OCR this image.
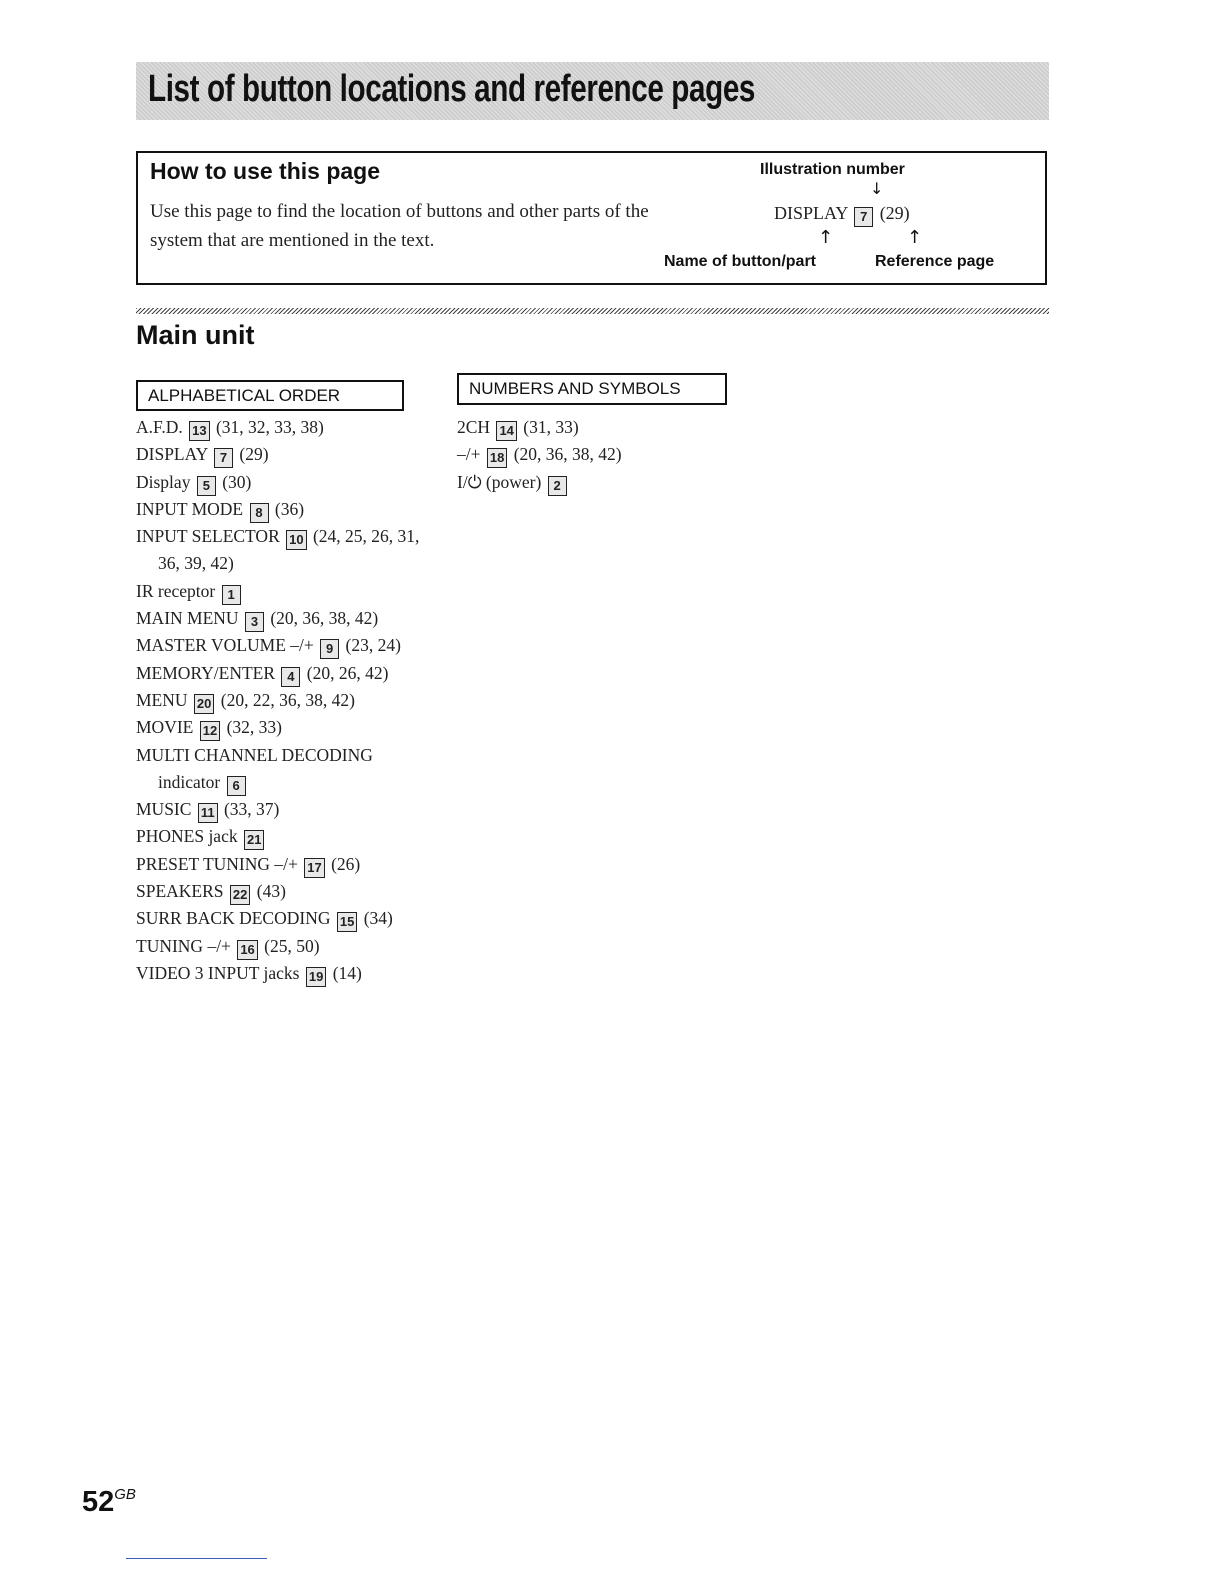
List of button locations and reference pages
How to use this page
Use this page to find the location of buttons and other parts of the system that are mentioned in the text.
Illustration number
↓
DISPLAY 7 (29)
↑	↑
Name of button/part	Reference page
Main unit
ALPHABETICAL ORDER
A.F.D. 13 (31, 32, 33, 38)
DISPLAY 7 (29)
Display 5 (30)
INPUT MODE 8 (36)
INPUT SELECTOR 10 (24, 25, 26, 31, 36, 39, 42)
IR receptor 1
MAIN MENU 3 (20, 36, 38, 42)
MASTER VOLUME –/+ 9 (23, 24)
MEMORY/ENTER 4 (20, 26, 42)
MENU 20 (20, 22, 36, 38, 42)
MOVIE 12 (32, 33)
MULTI CHANNEL DECODING indicator 6
MUSIC 11 (33, 37)
PHONES jack 21
PRESET TUNING –/+ 17 (26)
SPEAKERS 22 (43)
SURR BACK DECODING 15 (34)
TUNING –/+ 16 (25, 50)
VIDEO 3 INPUT jacks 19 (14)
NUMBERS AND SYMBOLS
2CH 14 (31, 33)
–/+ 18 (20, 36, 38, 42)
I/⏻ (power) 2
$52^{GB}$
